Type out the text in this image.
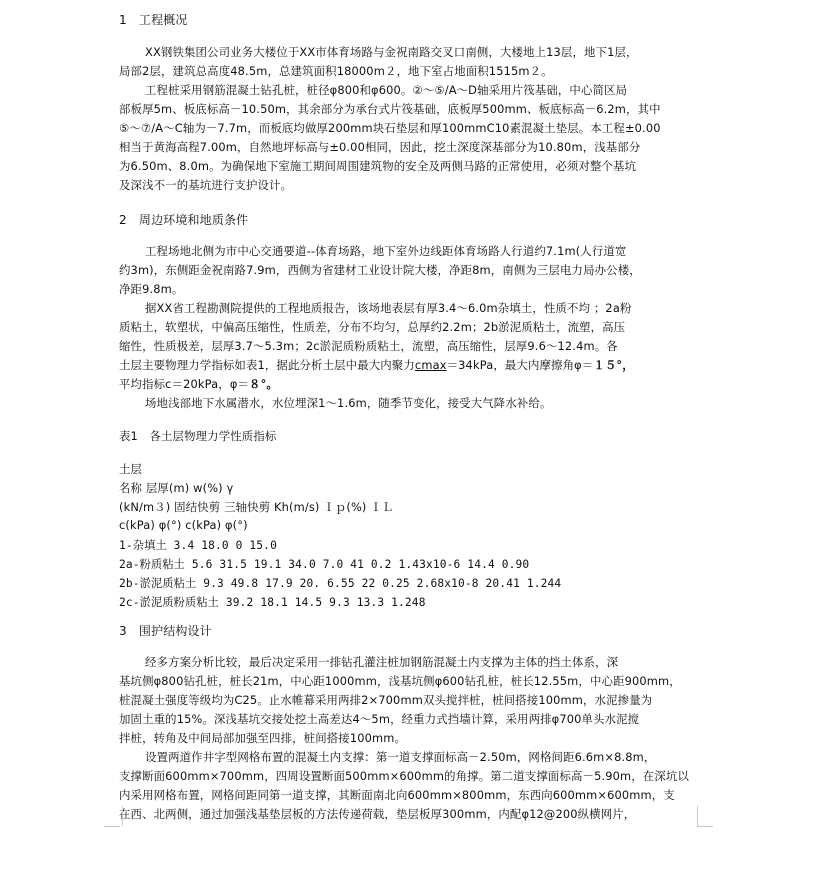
1　工程概况
XX钢铁集团公司业务大楼位于XX市体育场路与金祝南路交叉口南侧，大楼地上13层，地下1层，
局部2层，建筑总高度48.5m，总建筑面积18000m２，地下室占地面积1515m２。
工程桩采用钢筋混凝土钻孔桩，桩径φ800和φ600。②～⑤/A～D轴采用片筏基础，中心简区局
部板厚5m、板底标高－10.50m，其余部分为承台式片筏基础，底板厚500mm、板底标高－6.2m，其中
⑤～⑦/A～C轴为－7.7m，而板底均做厚200mm块石垫层和厚100mmC10素混凝土垫层。本工程±0.00
相当于黄海高程7.00m，自然地坪标高与±0.00相同，因此，挖土深度深基部分为10.80m，浅基部分
为6.50m、8.0m。为确保地下室施工期间周围建筑物的安全及两侧马路的正常使用，必须对整个基坑
及深浅不一的基坑进行支护设计。
2　周边环境和地质条件
工程场地北侧为市中心交通要道--体育场路，地下室外边线距体育场路人行道约7.1m(人行道宽
约3m)，东侧距金祝南路7.9m，西侧为省建材工业设计院大楼，净距8m，南侧为三层电力局办公楼，
净距9.8m。
据XX省工程勘测院提供的工程地质报告，该场地表层有厚3.4～6.0m杂填土，性质不均 ；2a粉
质粘土，软塑状，中偏高压缩性，性质差，分布不均匀，总厚约2.2m；2b淤泥质粘土，流塑，高压
缩性，性质极差，层厚3.7～5.3m；2c淤泥质粉质粘土，流塑，高压缩性，层厚9.6～12.4m。各
土层主要物理力学指标如表1，据此分析土层中最大内聚力cmax＝34kPa，最大内摩擦角φ＝１５°，
平均指标c＝20kPa，φ＝８°。
场地浅部地下水属潜水，水位埋深1～1.6m，随季节变化，接受大气降水补给。
表1　各土层物理力学性质指标
土层
名称 层厚(m) w(%) γ
(kN/m３) 固结快剪 三轴快剪 Kh(m/s) Ｉｐ(%) ＩＬ
c(kPa) φ(°) c(kPa) φ(°)
1-杂填土 3.4 18.0 0 15.0
2a-粉质粘土 5.6 31.5 19.1 34.0 7.0 41 0.2 1.43x10-6 14.4 0.90
2b-淤泥质粘土 9.3 49.8 17.9 20. 6.55 22 0.25 2.68x10-8 20.41 1.244
2c-淤泥质粉质粘土 39.2 18.1 14.5 9.3 13.3 1.248
3　围护结构设计
经多方案分析比较，最后决定采用一排钻孔灌注桩加钢筋混凝土内支撑为主体的挡土体系，深
基坑侧φ800钻孔桩，桩长21m，中心距1000mm，浅基坑侧φ600钻孔桩，桩长12.55m，中心距900mm，
桩混凝土强度等级均为C25。止水帷幕采用两排2×700mm双头搅拌桩，桩间搭接100mm，水泥掺量为
加固土重的15%。深浅基坑交接处挖土高差达4～5m，经重力式挡墙计算，采用两排φ700单头水泥搅
拌桩，转角及中间局部加强至四排，桩间搭接100mm。
设置两道作井字型网格布置的混凝土内支撑：第一道支撑面标高－2.50m，网格间距6.6m×8.8m，
支撑断面600mm×700mm，四周设置断面500mm×600mm的角撑。第二道支撑面标高－5.90m，在深坑以
内采用网格布置，网格间距同第一道支撑，其断面南北向600mm×800mm，东西向600mm×600mm，支
在西、北两侧，通过加强浅基垫层板的方法传递荷载，垫层板厚300mm，内配φ12@200纵横网片，
